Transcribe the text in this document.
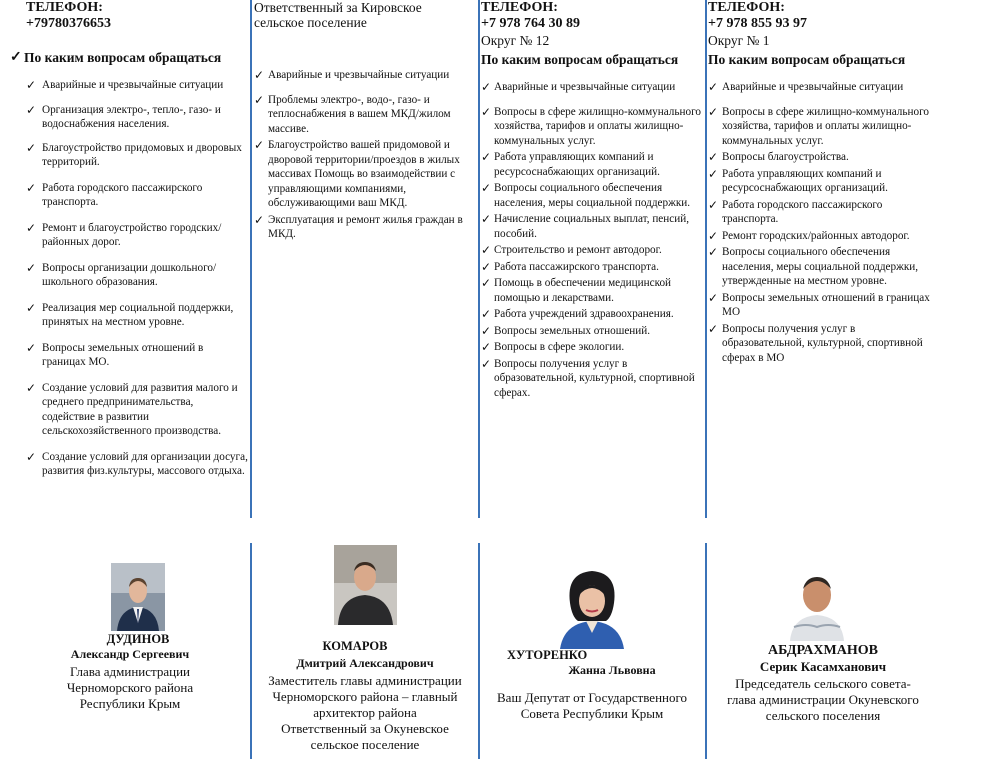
ТЕЛЕФОН:
+79780376653
✓ По каким вопросам обращаться
✓ Аварийные и чрезвычайные ситуации
✓ Организация электро-, тепло-, газо- и водоснабжения населения.
✓ Благоустройство придомовых и дворовых территорий.
✓ Работа городского пассажирского транспорта.
✓ Ремонт и благоустройство городских/ районных дорог.
✓ Вопросы организации дошкольного/ школьного образования.
✓ Реализация мер социальной поддержки, принятых на местном уровне.
✓ Вопросы земельных отношений в границах МО.
✓ Создание условий для развития малого и среднего предпринимательства, содействие в развитии сельскохозяйственного производства.
✓ Создание условий для организации досуга, развития физ.культуры, массового отдыха.
Ответственный за Кировское
сельское поселение
✓ Аварийные и чрезвычайные ситуации
✓ Проблемы электро-, водо-, газо- и теплоснабжения в вашем МКД/жилом массиве.
✓ Благоустройство вашей придомовой и дворовой территории/проездов в жилых массивах Помощь во взаимодействии с управляющими компаниями, обслуживающими ваш МКД.
✓ Эксплуатация и ремонт жилья граждан в МКД.
ТЕЛЕФОН:
+7 978 764 30 89
Округ № 12
По каким вопросам обращаться
✓ Аварийные и чрезвычайные ситуации
✓ Вопросы в сфере жилищно-коммунального хозяйства, тарифов и оплаты жилищно-коммунальных услуг.
✓ Работа управляющих компаний и ресурсоснабжающих организаций.
✓ Вопросы социального обеспечения населения, меры социальной поддержки.
✓ Начисление социальных выплат, пенсий, пособий.
✓ Строительство и ремонт автодорог.
✓ Работа пассажирского транспорта.
✓ Помощь в обеспечении медицинской помощью и лекарствами.
✓ Работа учреждений здравоохранения.
✓ Вопросы земельных отношений.
✓ Вопросы в сфере экологии.
✓ Вопросы получения услуг в образовательной, культурной, спортивной сферах.
ТЕЛЕФОН:
+7 978 855 93 97
Округ № 1
По каким вопросам обращаться
✓ Аварийные и чрезвычайные ситуации
✓ Вопросы в сфере жилищно-коммунального хозяйства, тарифов и оплаты жилищно-коммунальных услуг.
✓ Вопросы благоустройства.
✓ Работа управляющих компаний и ресурсоснабжающих организаций.
✓ Работа городского пассажирского транспорта.
✓ Ремонт городских/районных автодорог.
✓ Вопросы социального обеспечения населения, меры социальной поддержки, утвержденные на местном уровне.
✓ Вопросы земельных отношений в границах МО
✓ Вопросы получения услуг в образовательной, культурной, спортивной сферах в МО
ДУДИНОВ
Александр Сергеевич
Глава администрации
Черноморского района
Республики Крым
КОМАРОВ
Дмитрий Александрович
Заместитель главы администрации
Черноморского района – главный
архитектор района
Ответственный за Окуневское
сельское поселение
ХУТОРЕНКО
Жанна Львовна
Ваш Депутат от Государственного
Совета Республики Крым
АБДРАХМАНОВ
Серик Касамханович
Председатель сельского совета-
глава администрации Окуневского
сельского поселения
